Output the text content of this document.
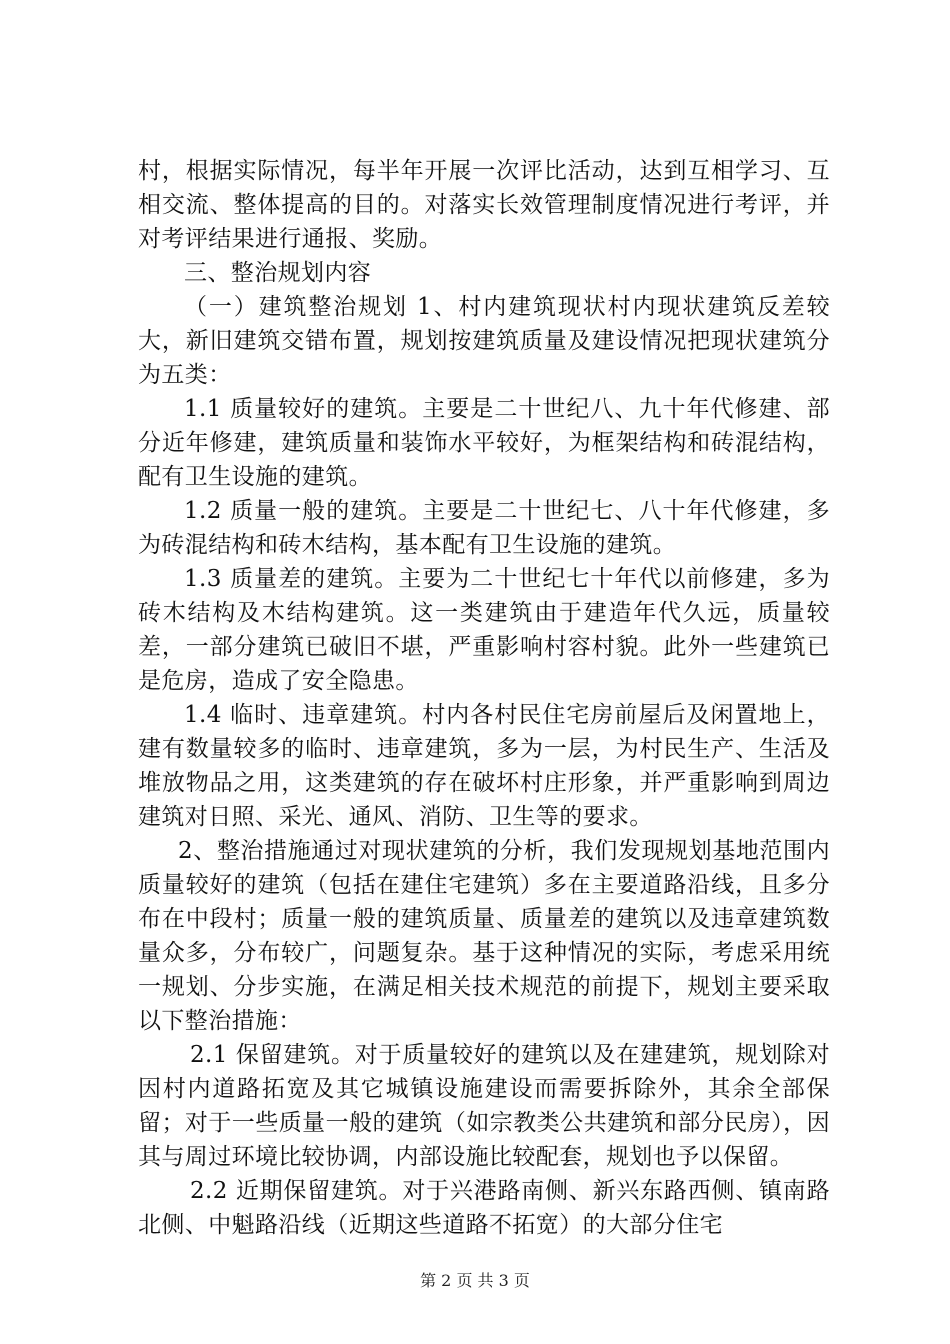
村，根据实际情况，每半年开展一次评比活动，达到互相学习、互相交流、整体提高的目的。对落实长效管理制度情况进行考评，并对考评结果进行通报、奖励。

三、整治规划内容

（一）建筑整治规划 1、村内建筑现状村内现状建筑反差较大，新旧建筑交错布置，规划按建筑质量及建设情况把现状建筑分为五类：

1.1 质量较好的建筑。主要是二十世纪八、九十年代修建、部分近年修建，建筑质量和装饰水平较好，为框架结构和砖混结构，配有卫生设施的建筑。

1.2 质量一般的建筑。主要是二十世纪七、八十年代修建，多为砖混结构和砖木结构，基本配有卫生设施的建筑。

1.3 质量差的建筑。主要为二十世纪七十年代以前修建，多为砖木结构及木结构建筑。这一类建筑由于建造年代久远，质量较差，一部分建筑已破旧不堪，严重影响村容村貌。此外一些建筑已是危房，造成了安全隐患。

1.4 临时、违章建筑。村内各村民住宅房前屋后及闲置地上，建有数量较多的临时、违章建筑，多为一层，为村民生产、生活及堆放物品之用，这类建筑的存在破坏村庄形象，并严重影响到周边建筑对日照、采光、通风、消防、卫生等的要求。

2、整治措施通过对现状建筑的分析，我们发现规划基地范围内质量较好的建筑（包括在建住宅建筑）多在主要道路沿线，且多分布在中段村；质量一般的建筑质量、质量差的建筑以及违章建筑数量众多，分布较广，问题复杂。基于这种情况的实际，考虑采用统一规划、分步实施，在满足相关技术规范的前提下，规划主要采取以下整治措施：

2.1 保留建筑。对于质量较好的建筑以及在建建筑，规划除对因村内道路拓宽及其它城镇设施建设而需要拆除外，其余全部保留；对于一些质量一般的建筑（如宗教类公共建筑和部分民房），因其与周过环境比较协调，内部设施比较配套，规划也予以保留。

2.2 近期保留建筑。对于兴港路南侧、新兴东路西侧、镇南路北侧、中魁路沿线（近期这些道路不拓宽）的大部分住宅

第 2 页 共 3 页
